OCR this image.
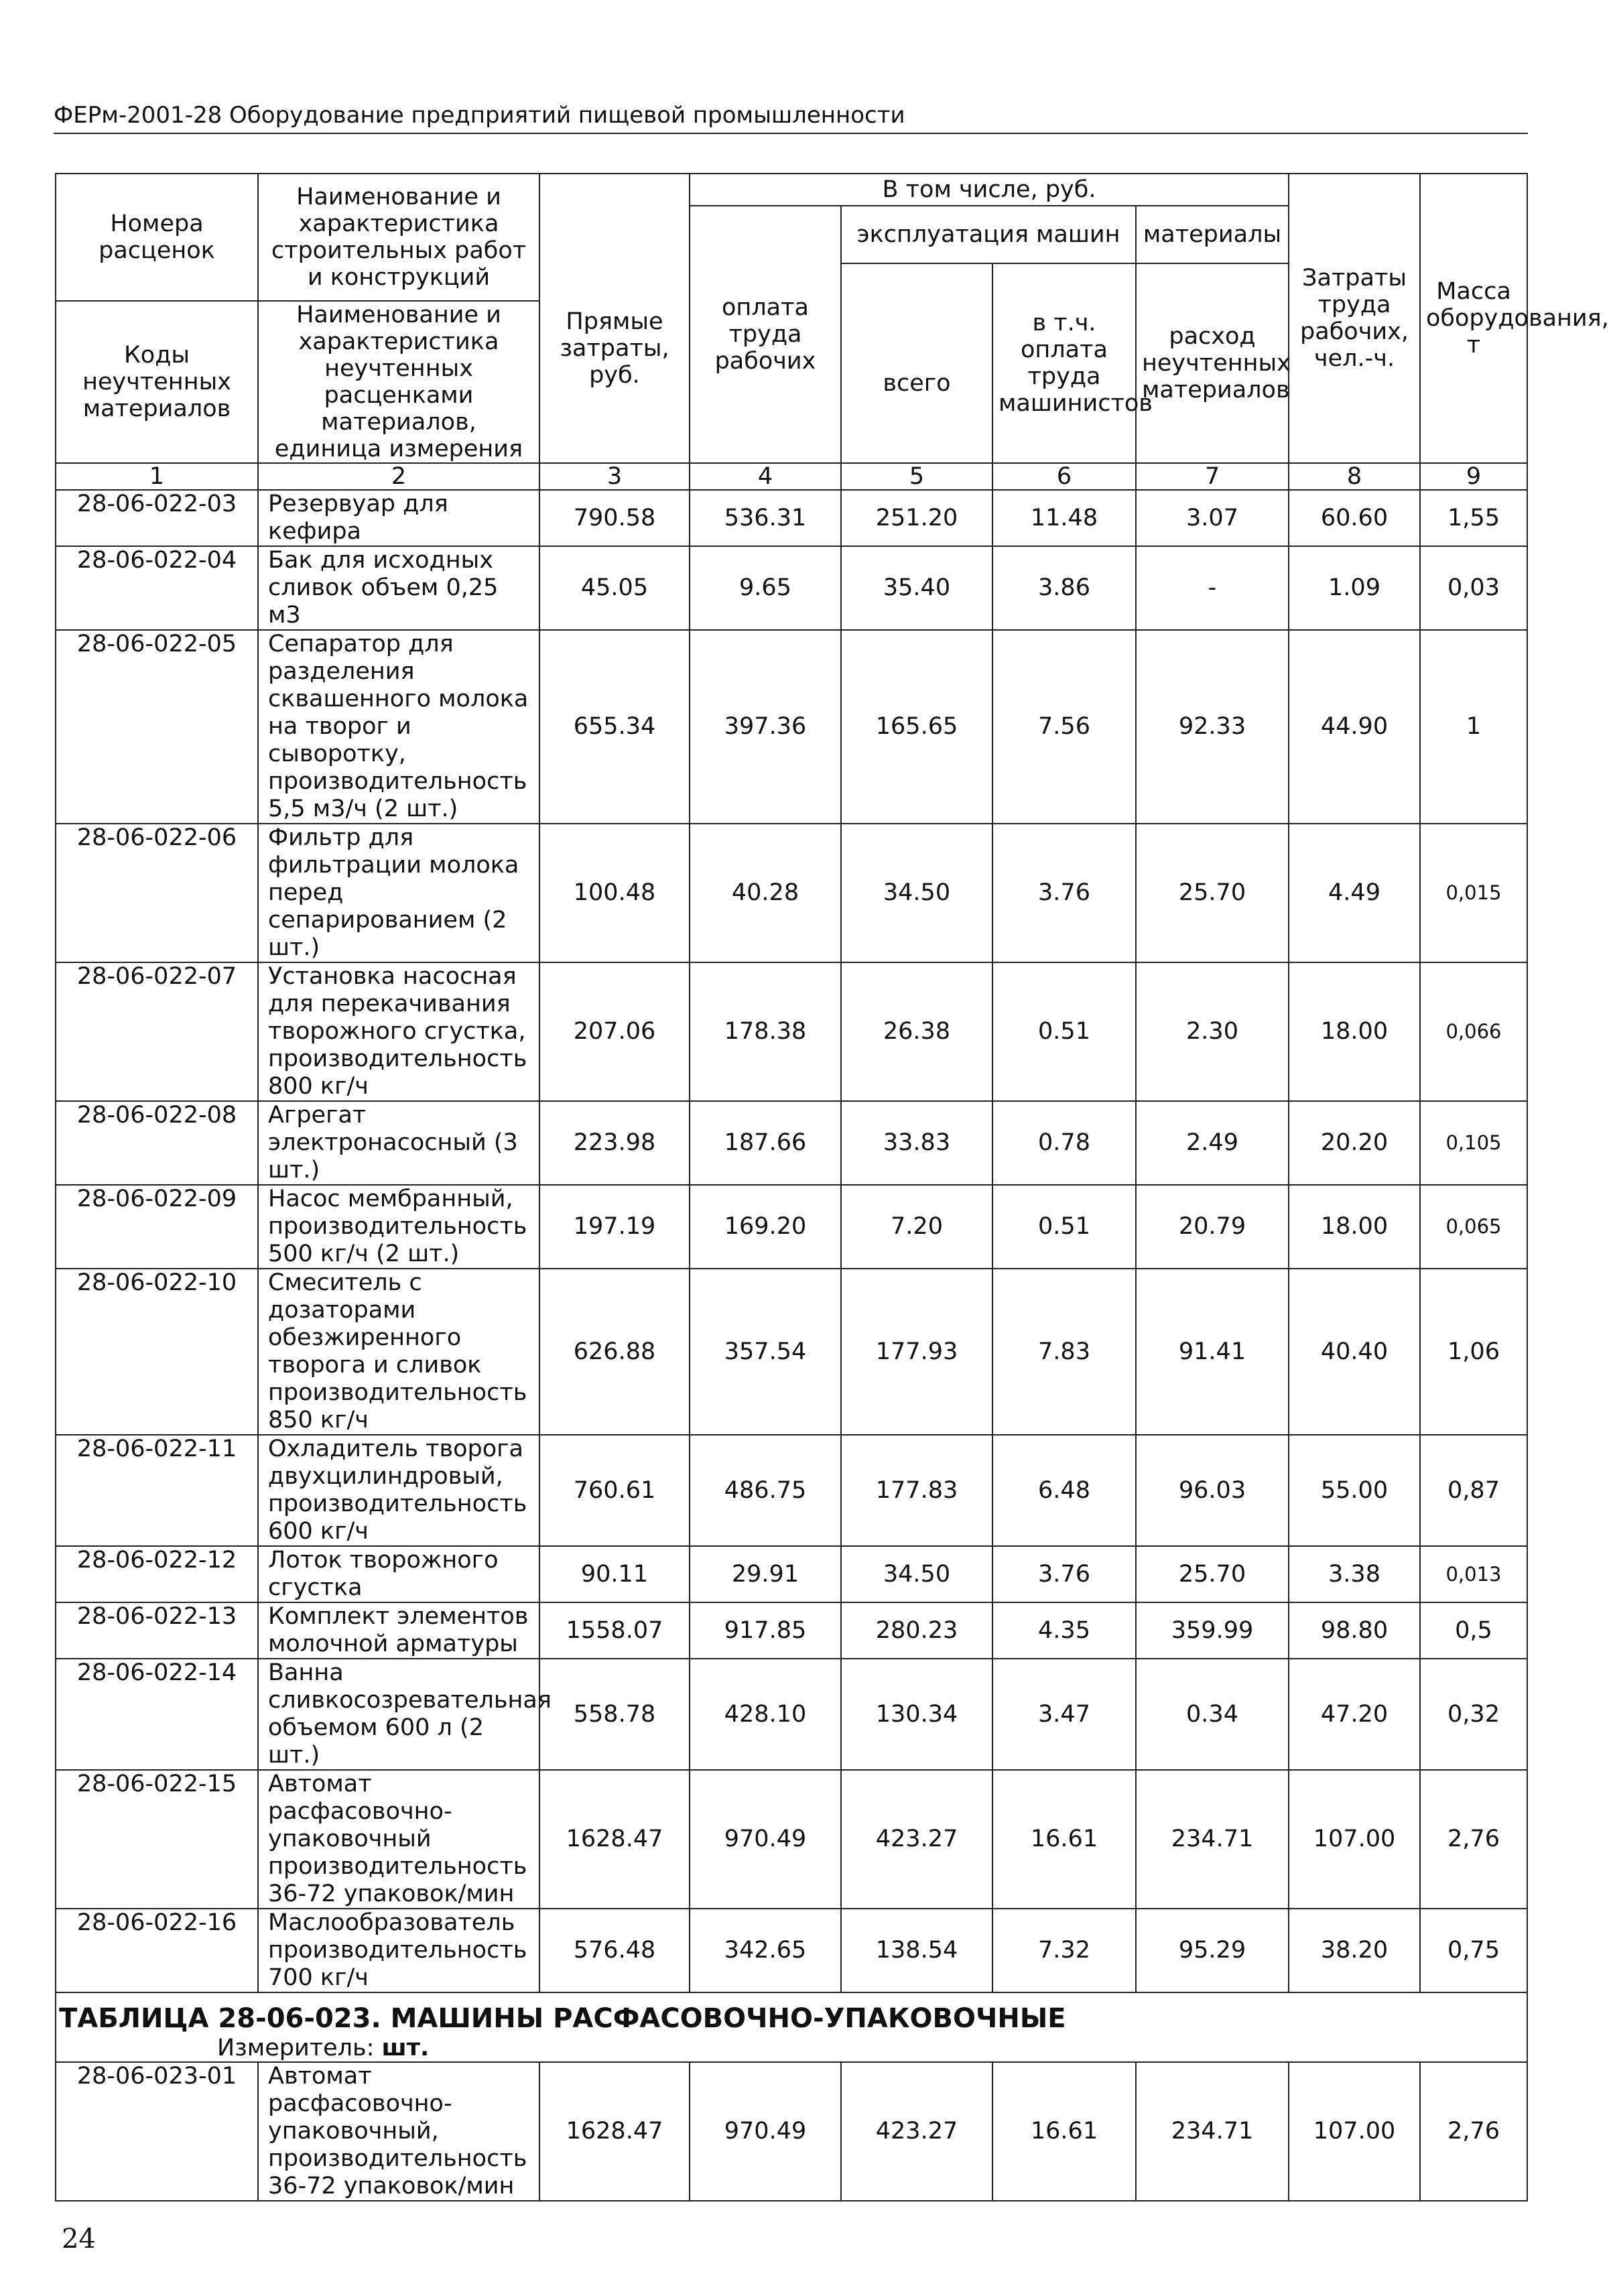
ФЕРм-2001-28 Оборудование предприятий пищевой промышленности
Номера расценок	Наименование и характеристика строительных работ и конструкций	Прямые затраты, руб.	В том числе, руб.				Затраты труда рабочих, чел.-ч.	Масса оборудования, т
			оплата труда рабочих	эксплуатация машин		материалы		
				всего	в т.ч. оплата труда машинистов	расход неучтенных материалов		
Коды неучтенных материалов	Наименование и характеристика неучтенных расценками материалов, единица измерения							

1	2	3	4	5	6	7	8	9
28-06-022-03	Резервуар для кефира	790.58	536.31	251.20	11.48	3.07	60.60	1,55
28-06-022-04	Бак для исходных сливок объем 0,25 м3	45.05	9.65	35.40	3.86	-	1.09	0,03
28-06-022-05	Сепаратор для разделения сквашенного молока на творог и сыворотку, производительность 5,5 м3/ч (2 шт.)	655.34	397.36	165.65	7.56	92.33	44.90	1
28-06-022-06	Фильтр для фильтрации молока перед сепарированием (2 шт.)	100.48	40.28	34.50	3.76	25.70	4.49	0,015
28-06-022-07	Установка насосная для перекачивания творожного сгустка, производительность 800 кг/ч	207.06	178.38	26.38	0.51	2.30	18.00	0,066
28-06-022-08	Агрегат электронасосный (3 шт.)	223.98	187.66	33.83	0.78	2.49	20.20	0,105
28-06-022-09	Насос мембранный, производительность 500 кг/ч (2 шт.)	197.19	169.20	7.20	0.51	20.79	18.00	0,065
28-06-022-10	Смеситель с дозаторами обезжиренного творога и сливок производительность 850 кг/ч	626.88	357.54	177.93	7.83	91.41	40.40	1,06
28-06-022-11	Охладитель творога двухцилиндровый, производительность 600 кг/ч	760.61	486.75	177.83	6.48	96.03	55.00	0,87
28-06-022-12	Лоток творожного сгустка	90.11	29.91	34.50	3.76	25.70	3.38	0,013
28-06-022-13	Комплект элементов молочной арматуры	1558.07	917.85	280.23	4.35	359.99	98.80	0,5
28-06-022-14	Ванна сливкосозревательная объемом 600 л (2 шт.)	558.78	428.10	130.34	3.47	0.34	47.20	0,32
28-06-022-15	Автомат расфасовочно-упаковочный производительность 36-72 упаковок/мин	1628.47	970.49	423.27	16.61	234.71	107.00	2,76
28-06-022-16	Маслообразователь производительность 700 кг/ч	576.48	342.65	138.54	7.32	95.29	38.20	0,75
ТАБЛИЦА 28-06-023. МАШИНЫ РАСФАСОВОЧНО-УПАКОВОЧНЫЕ								
Измеритель: шт.								
28-06-023-01	Автомат расфасовочно-упаковочный, производительность 36-72 упаковок/мин	1628.47	970.49	423.27	16.61	234.71	107.00	2,76
24
